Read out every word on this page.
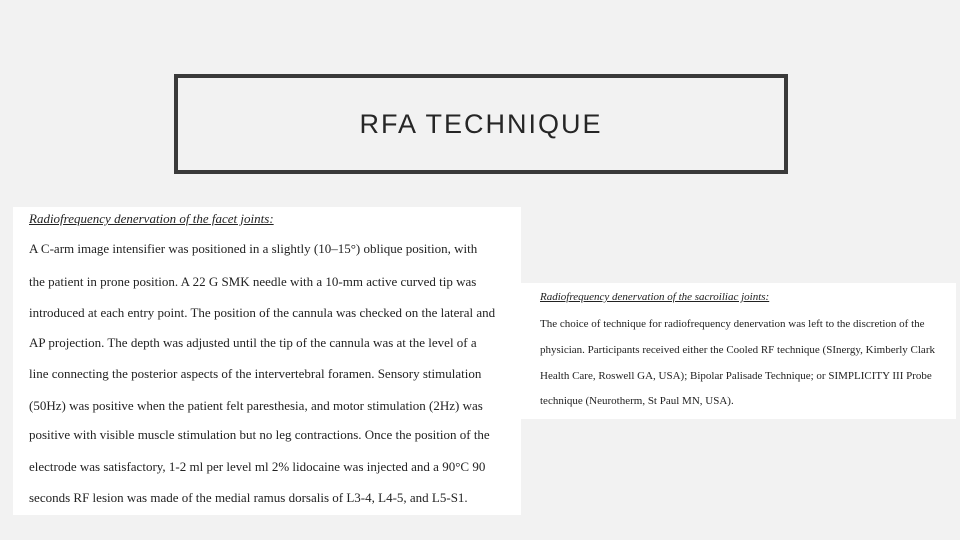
RFA TECHNIQUE
Radiofrequency denervation of the facet joints:
A C-arm image intensifier was positioned in a slightly (10–15°) oblique position, with
the patient in prone position. A 22 G SMK needle with a 10-mm active curved tip was
introduced at each entry point. The position of the cannula was checked on the lateral and
AP projection. The depth was adjusted until the tip of the cannula was at the level of a
line connecting the posterior aspects of the intervertebral foramen. Sensory stimulation
(50Hz) was positive when the patient felt paresthesia, and motor stimulation (2Hz) was
positive with visible muscle stimulation but no leg contractions. Once the position of the
electrode was satisfactory, 1-2 ml per level ml 2% lidocaine was injected and a 90°C 90
seconds RF lesion was made of the medial ramus dorsalis of L3-4, L4-5, and L5-S1.
Radiofrequency denervation of the sacroiliac joints:
The choice of technique for radiofrequency denervation was left to the discretion of the
physician. Participants received either the Cooled RF technique (SInergy, Kimberly Clark
Health Care, Roswell GA, USA); Bipolar Palisade Technique; or SIMPLICITY III Probe
technique (Neurotherm, St Paul MN, USA).
